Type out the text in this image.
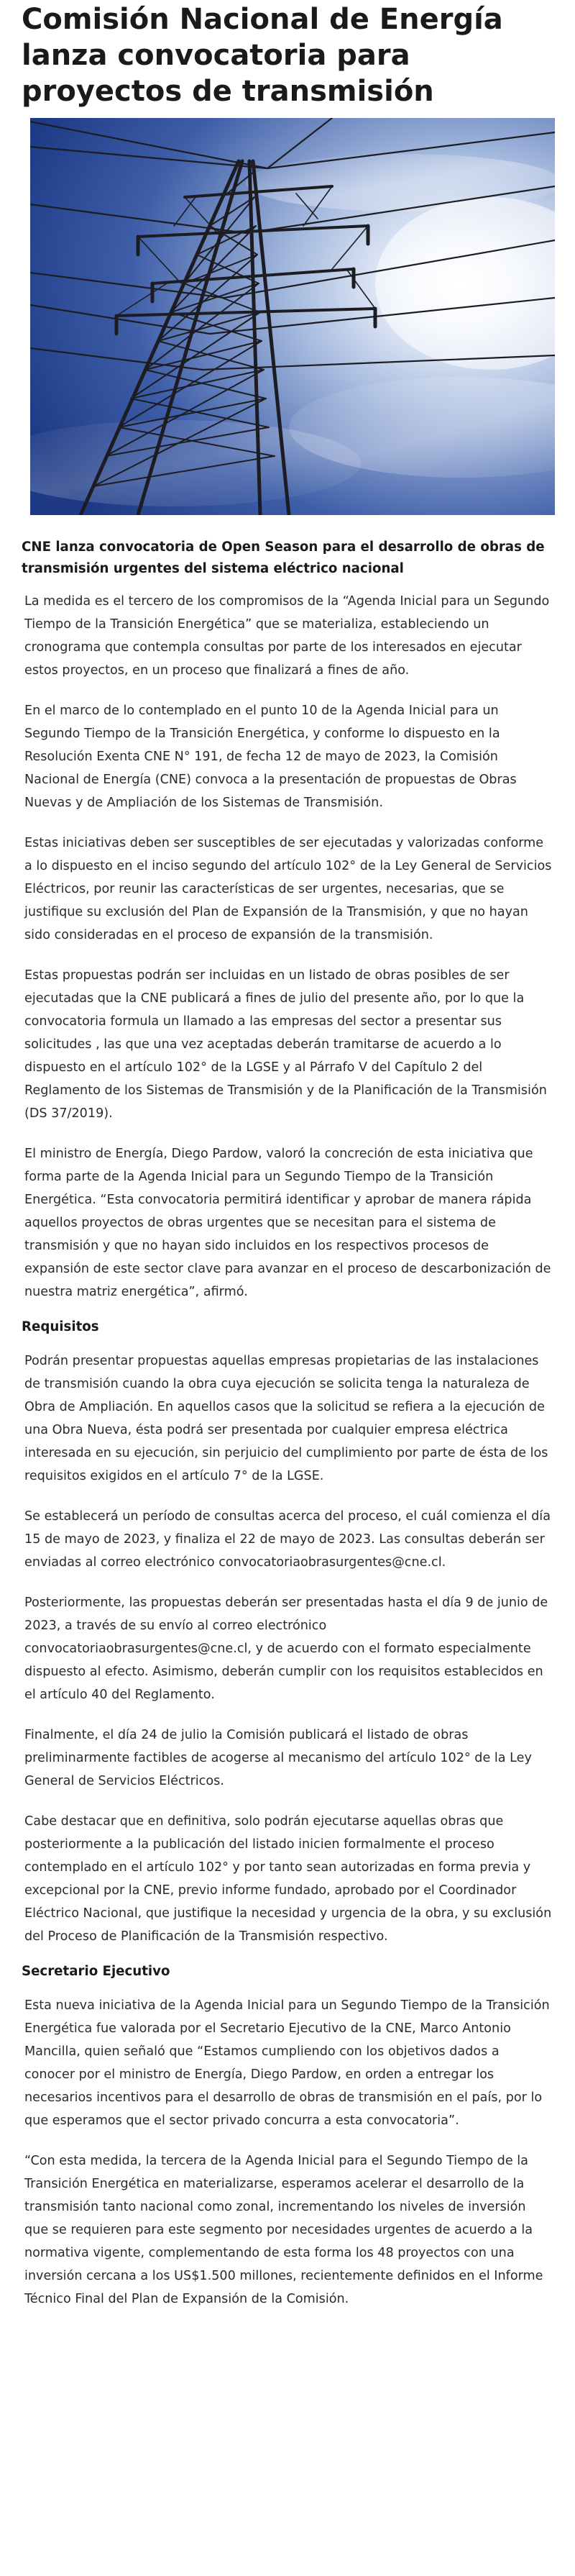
Comisión Nacional de Energía lanza convocatoria para proyectos de transmisión

CNE lanza convocatoria de Open Season para el desarrollo de obras de transmisión urgentes del sistema eléctrico nacional

La medida es el tercero de los compromisos de la “Agenda Inicial para un Segundo Tiempo de la Transición Energética” que se materializa, estableciendo un cronograma que contempla consultas por parte de los interesados en ejecutar estos proyectos, en un proceso que finalizará a fines de año.

En el marco de lo contemplado en el punto 10 de la Agenda Inicial para un Segundo Tiempo de la Transición Energética, y conforme lo dispuesto en la Resolución Exenta CNE N° 191, de fecha 12 de mayo de 2023, la Comisión Nacional de Energía (CNE) convoca a la presentación de propuestas de Obras Nuevas y de Ampliación de los Sistemas de Transmisión.

Estas iniciativas deben ser susceptibles de ser ejecutadas y valorizadas conforme a lo dispuesto en el inciso segundo del artículo 102° de la Ley General de Servicios Eléctricos, por reunir las características de ser urgentes, necesarias, que se justifique su exclusión del Plan de Expansión de la Transmisión, y que no hayan sido consideradas en el proceso de expansión de la transmisión.

Estas propuestas podrán ser incluidas en un listado de obras posibles de ser ejecutadas que la CNE publicará a fines de julio del presente año, por lo que la convocatoria formula un llamado a las empresas del sector a presentar sus solicitudes , las que una vez aceptadas deberán tramitarse de acuerdo a lo dispuesto en el artículo 102° de la LGSE y al Párrafo V del Capítulo 2 del Reglamento de los Sistemas de Transmisión y de la Planificación de la Transmisión (DS 37/2019).

El ministro de Energía, Diego Pardow, valoró la concreción de esta iniciativa que forma parte de la Agenda Inicial para un Segundo Tiempo de la Transición Energética. “Esta convocatoria permitirá identificar y aprobar de manera rápida aquellos proyectos de obras urgentes que se necesitan para el sistema de transmisión y que no hayan sido incluidos en los respectivos procesos de expansión de este sector clave para avanzar en el proceso de descarbonización de nuestra matriz energética”, afirmó.

Requisitos

Podrán presentar propuestas aquellas empresas propietarias de las instalaciones de transmisión cuando la obra cuya ejecución se solicita tenga la naturaleza de Obra de Ampliación. En aquellos casos que la solicitud se refiera a la ejecución de una Obra Nueva, ésta podrá ser presentada por cualquier empresa eléctrica interesada en su ejecución, sin perjuicio del cumplimiento por parte de ésta de los requisitos exigidos en el artículo 7° de la LGSE.

Se establecerá un período de consultas acerca del proceso, el cuál comienza el día 15 de mayo de 2023, y finaliza el 22 de mayo de 2023. Las consultas deberán ser enviadas al correo electrónico convocatoriaobrasurgentes@cne.cl.

Posteriormente, las propuestas deberán ser presentadas hasta el día 9 de junio de 2023, a través de su envío al correo electrónico convocatoriaobrasurgentes@cne.cl, y de acuerdo con el formato especialmente dispuesto al efecto. Asimismo, deberán cumplir con los requisitos establecidos en el artículo 40 del Reglamento.

Finalmente, el día 24 de julio la Comisión publicará el listado de obras preliminarmente factibles de acogerse al mecanismo del artículo 102° de la Ley General de Servicios Eléctricos.

Cabe destacar que en definitiva, solo podrán ejecutarse aquellas obras que posteriormente a la publicación del listado inicien formalmente el proceso contemplado en el artículo 102° y por tanto sean autorizadas en forma previa y excepcional por la CNE, previo informe fundado, aprobado por el Coordinador Eléctrico Nacional, que justifique la necesidad y urgencia de la obra, y su exclusión del Proceso de Planificación de la Transmisión respectivo.

Secretario Ejecutivo

Esta nueva iniciativa de la Agenda Inicial para un Segundo Tiempo de la Transición Energética fue valorada por el Secretario Ejecutivo de la CNE, Marco Antonio Mancilla, quien señaló que “Estamos cumpliendo con los objetivos dados a conocer por el ministro de Energía, Diego Pardow, en orden a entregar los necesarios incentivos para el desarrollo de obras de transmisión en el país, por lo que esperamos que el sector privado concurra a esta convocatoria”.

“Con esta medida, la tercera de la Agenda Inicial para el Segundo Tiempo de la Transición Energética en materializarse, esperamos acelerar el desarrollo de la transmisión tanto nacional como zonal, incrementando los niveles de inversión que se requieren para este segmento por necesidades urgentes de acuerdo a la normativa vigente, complementando de esta forma los 48 proyectos con una inversión cercana a los US$1.500 millones, recientemente definidos en el Informe Técnico Final del Plan de Expansión de la Comisión.
